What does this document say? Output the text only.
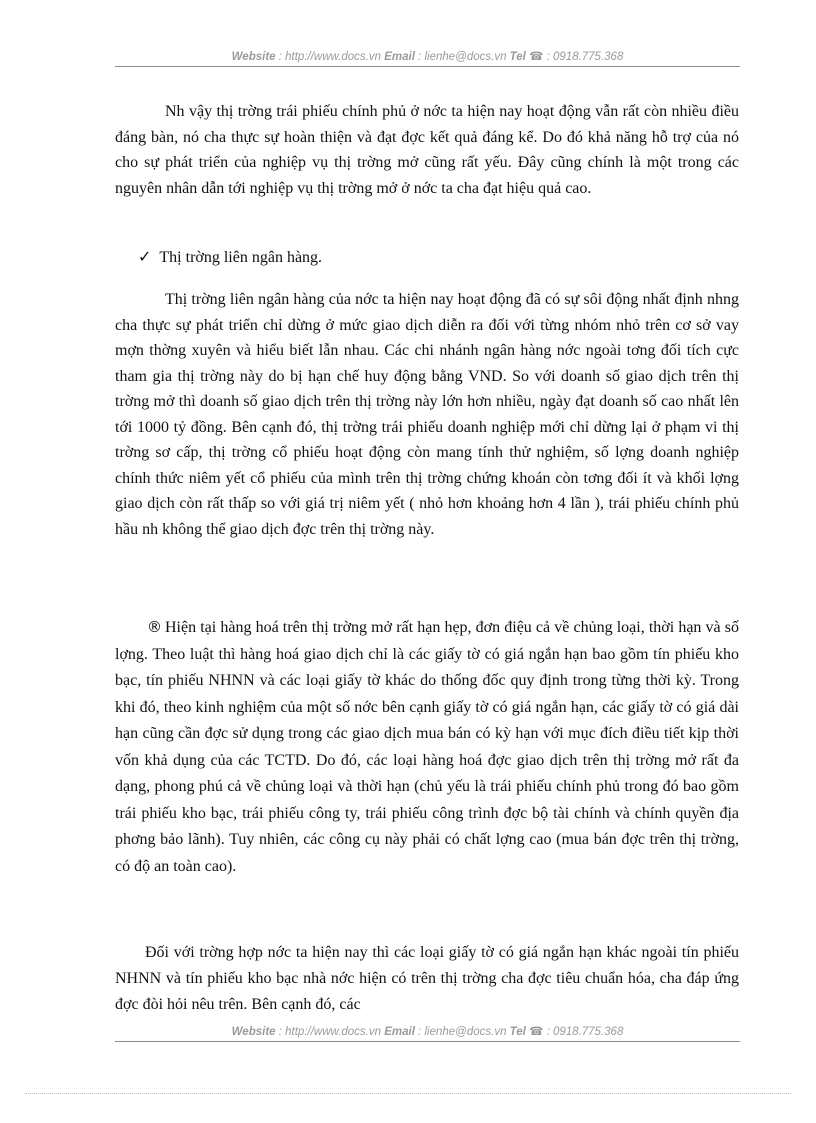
Website : http://www.docs.vn Email : lienhe@docs.vn Tel ☎ : 0918.775.368

Nh vậy thị trờng trái phiếu chính phủ ở nớc ta hiện nay hoạt động vẫn rất còn nhiều điều đáng bàn, nó cha thực sự hoàn thiện và đạt đợc kết quả đáng kể. Do đó khả năng hỗ trợ của nó cho sự phát triển của nghiệp vụ thị trờng mở cũng rất yếu. Đây cũng chính là một trong các nguyên nhân dẫn tới nghiệp vụ thị trờng mở ở nớc ta cha đạt hiệu quả cao.

✓ Thị trờng liên ngân hàng.

Thị trờng liên ngân hàng của nớc ta hiện nay hoạt động đã có sự sôi động nhất định nhng cha thực sự phát triển chỉ dừng ở mức giao dịch diễn ra đối với từng nhóm nhỏ trên cơ sở vay mợn thờng xuyên và hiểu biết lẫn nhau. Các chi nhánh ngân hàng nớc ngoài tơng đối tích cực tham gia thị trờng này do bị hạn chế huy động bằng VND. So với doanh số giao dịch trên thị trờng mở thì doanh số giao dịch trên thị trờng này lớn hơn nhiều, ngày đạt doanh số cao nhất lên tới 1000 tỷ đồng. Bên cạnh đó, thị trờng trái phiếu doanh nghiệp mới chỉ dừng lại ở phạm vi thị trờng sơ cấp, thị trờng cổ phiếu hoạt động còn mang tính thử nghiệm, số lợng doanh nghiệp chính thức niêm yết cổ phiếu của mình trên thị trờng chứng khoán còn tơng đối ít và khối lợng giao dịch còn rất thấp so với giá trị niêm yết ( nhỏ hơn khoảng hơn 4 lần ), trái phiếu chính phủ hầu nh không thể giao dịch đợc trên thị trờng này.

® Hiện tại hàng hoá trên thị trờng mở rất hạn hẹp, đơn điệu cả về chủng loại, thời hạn và số lợng. Theo luật thì hàng hoá giao dịch chỉ là các giấy tờ có giá ngắn hạn bao gồm tín phiếu kho bạc, tín phiếu NHNN và các loại giấy tờ khác do thống đốc quy định trong từng thời kỳ. Trong khi đó, theo kinh nghiệm của một số nớc bên cạnh giấy tờ có giá ngắn hạn, các giấy tờ có giá dài hạn cũng cần đợc sử dụng trong các giao dịch mua bán có kỳ hạn với mục đích điều tiết kịp thời vốn khả dụng của các TCTD. Do đó, các loại hàng hoá đợc giao dịch trên thị trờng mở rất đa dạng, phong phú cả về chủng loại và thời hạn (chủ yếu là trái phiếu chính phủ trong đó bao gồm trái phiếu kho bạc, trái phiếu công ty, trái phiếu công trình đợc bộ tài chính và chính quyền địa phơng bảo lãnh). Tuy nhiên, các công cụ này phải có chất lợng cao (mua bán đợc trên thị trờng, có độ an toàn cao).

Đối với trờng hợp nớc ta hiện nay thì các loại giấy tờ có giá ngắn hạn khác ngoài tín phiếu NHNN và tín phiếu kho bạc nhà nớc hiện có trên thị trờng cha đợc tiêu chuẩn hóa, cha đáp ứng đợc đòi hỏi nêu trên. Bên cạnh đó, các

Website : http://www.docs.vn Email : lienhe@docs.vn Tel ☎ : 0918.775.368
